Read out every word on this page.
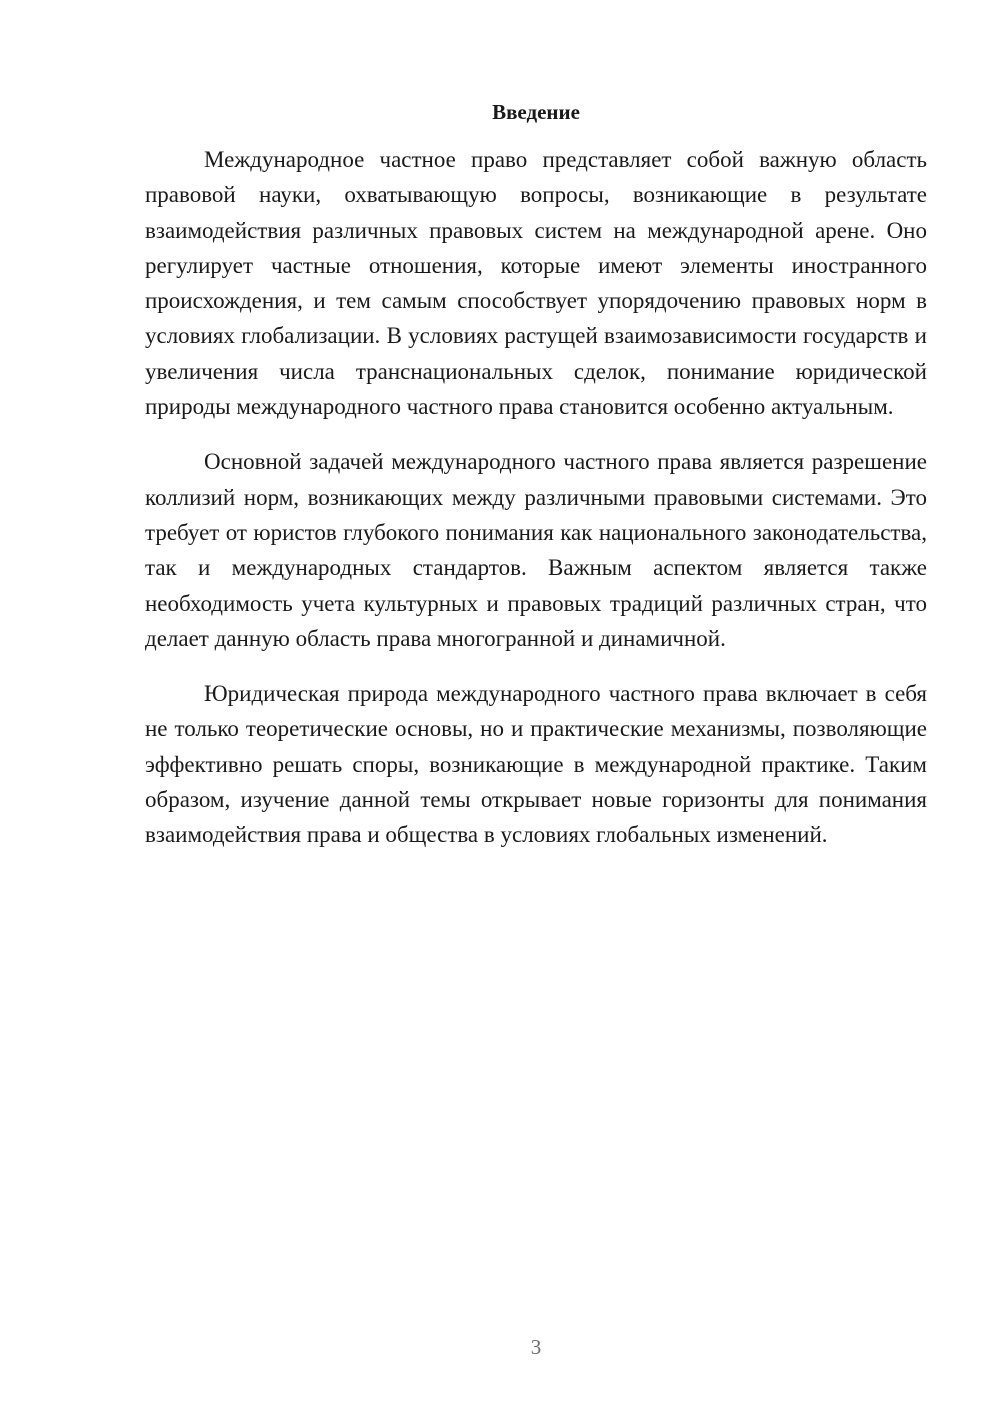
Введение

Международное частное право представляет собой важную область правовой науки, охватывающую вопросы, возникающие в результате взаимодействия различных правовых систем на международной арене. Оно регулирует частные отношения, которые имеют элементы иностранного происхождения, и тем самым способствует упорядочению правовых норм в условиях глобализации. В условиях растущей взаимозависимости государств и увеличения числа транснациональных сделок, понимание юридической природы международного частного права становится особенно актуальным.

Основной задачей международного частного права является разрешение коллизий норм, возникающих между различными правовыми системами. Это требует от юристов глубокого понимания как национального законодательства, так и международных стандартов. Важным аспектом является также необходимость учета культурных и правовых традиций различных стран, что делает данную область права многогранной и динамичной.

Юридическая природа международного частного права включает в себя не только теоретические основы, но и практические механизмы, позволяющие эффективно решать споры, возникающие в международной практике. Таким образом, изучение данной темы открывает новые горизонты для понимания взаимодействия права и общества в условиях глобальных изменений.

3
